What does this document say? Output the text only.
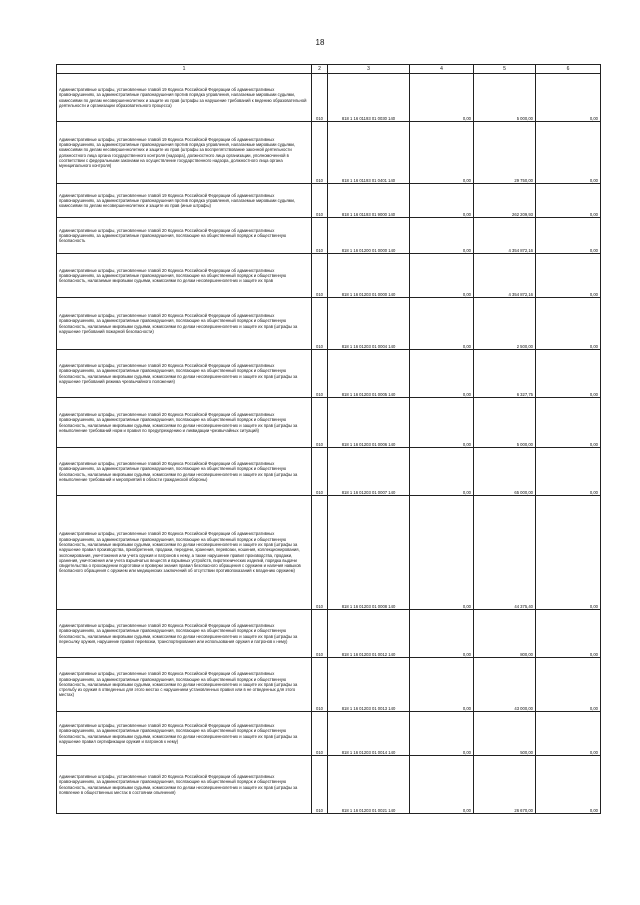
18
1	2	3	4	5	6
Административные штрафы, установленные главой 19 Кодекса Российской Федерации об административных правонарушениях, за административные правонарушения против порядка управления, налагаемые мировыми судьями, комиссиями по делам несовершеннолетних и защите их прав (штрафы за нарушение требований к ведению образовательной деятельности и организации образовательного процесса)	010	818 1 16 01193 01 0030 140	0,00	5 000,00	0,00
Административные штрафы, установленные главой 19 Кодекса Российской Федерации об административных правонарушениях, за административные правонарушения против порядка управления, налагаемые мировыми судьями, комиссиями по делам несовершеннолетних и защите их прав (штрафы за воспрепятствование законной деятельности должностного лица органа государственного контроля (надзора), должностного лица организации, уполномоченной в соответствии с федеральными законами на осуществление государственного надзора, должностного лица органа муниципального контроля)	010	818 1 16 01193 01 0401 140	0,00	29 750,00	0,00
Административные штрафы, установленные главой 19 Кодекса Российской Федерации об административных правонарушениях, за административные правонарушения против порядка управления, налагаемые мировыми судьями, комиссиями по делам несовершеннолетних и защите их прав (иные штрафы)	010	818 1 16 01193 01 9000 140	0,00	262 209,93	0,00
Административные штрафы, установленные главой 20 Кодекса Российской Федерации об административных правонарушениях, за административные правонарушения, посягающие на общественный порядок и общественную безопасность	010	818 1 16 01200 01 0000 140	0,00	4 354 872,16	0,00
Административные штрафы, установленные главой 20 Кодекса Российской Федерации об административных правонарушениях, за административные правонарушения, посягающие на общественный порядок и общественную безопасность, налагаемые мировыми судьями, комиссиями по делам несовершеннолетних и защите их прав	010	818 1 16 01203 01 0000 140	0,00	4 354 872,16	0,00
Административные штрафы, установленные главой 20 Кодекса Российской Федерации об административных правонарушениях, за административные правонарушения, посягающие на общественный порядок и общественную безопасность, налагаемые мировыми судьями, комиссиями по делам несовершеннолетних и защите их прав (штрафы за нарушение требований пожарной безопасности)	010	818 1 16 01203 01 0004 140	0,00	2 500,00	0,00
Административные штрафы, установленные главой 20 Кодекса Российской Федерации об административных правонарушениях, за административные правонарушения, посягающие на общественный порядок и общественную безопасность, налагаемые мировыми судьями, комиссиями по делам несовершеннолетних и защите их прав (штрафы за нарушение требований режима чрезвычайного положения)	010	818 1 16 01203 01 0005 140	0,00	6 327,75	0,00
Административные штрафы, установленные главой 20 Кодекса Российской Федерации об административных правонарушениях, за административные правонарушения, посягающие на общественный порядок и общественную безопасность, налагаемые мировыми судьями, комиссиями по делам несовершеннолетних и защите их прав (штрафы за невыполнение требований норм и правил по предупреждению и ликвидации чрезвычайных ситуаций)	010	818 1 16 01203 01 0006 140	0,00	5 000,00	0,00
Административные штрафы, установленные главой 20 Кодекса Российской Федерации об административных правонарушениях, за административные правонарушения, посягающие на общественный порядок и общественную безопасность, налагаемые мировыми судьями, комиссиями по делам несовершеннолетних и защите их прав (штрафы за невыполнение требований и мероприятий в области гражданской обороны)	010	818 1 16 01203 01 0007 140	0,00	65 000,00	0,00
Административные штрафы, установленные главой 20 Кодекса Российской Федерации об административных правонарушениях, за административные правонарушения, посягающие на общественный порядок и общественную безопасность, налагаемые мировыми судьями, комиссиями по делам несовершеннолетних и защите их прав (штрафы за нарушение правил производства, приобретения, продажи, передачи, хранения, перевозки, ношения, коллекционирования, экспонирования, уничтожения или учета оружия и патронов к нему, а также нарушение правил производства, продажи, хранения, уничтожения или учета взрывчатых веществ и взрывных устройств, пиротехнических изделий, порядка выдачи свидетельства о прохождении подготовки и проверки знания правил безопасного обращения с оружием и наличия навыков безопасного обращения с оружием или медицинских заключений об отсутствии противопоказаний к владению оружием)	010	818 1 16 01203 01 0008 140	0,00	44 375,40	0,00
Административные штрафы, установленные главой 20 Кодекса Российской Федерации об административных правонарушениях, за административные правонарушения, посягающие на общественный порядок и общественную безопасность, налагаемые мировыми судьями, комиссиями по делам несовершеннолетних и защите их прав (штрафы за пересылку оружия, нарушение правил перевозки, транспортирования или использования оружия и патронов к нему)	010	818 1 16 01203 01 0012 140	0,00	800,00	0,00
Административные штрафы, установленные главой 20 Кодекса Российской Федерации об административных правонарушениях, за административные правонарушения, посягающие на общественный порядок и общественную безопасность, налагаемые мировыми судьями, комиссиями по делам несовершеннолетних и защите их прав (штрафы за стрельбу из оружия в отведенных для этого местах с нарушением установленных правил или в не отведенных для этого местах)	010	818 1 16 01203 01 0013 140	0,00	43 000,00	0,00
Административные штрафы, установленные главой 20 Кодекса Российской Федерации об административных правонарушениях, за административные правонарушения, посягающие на общественный порядок и общественную безопасность, налагаемые мировыми судьями, комиссиями по делам несовершеннолетних и защите их прав (штрафы за нарушение правил сертификации оружия и патронов к нему)	010	818 1 16 01203 01 0014 140	0,00	500,00	0,00
Административные штрафы, установленные главой 20 Кодекса Российской Федерации об административных правонарушениях, за административные правонарушения, посягающие на общественный порядок и общественную безопасность, налагаемые мировыми судьями, комиссиями по делам несовершеннолетних и защите их прав (штрафы за появление в общественных местах в состоянии опьянения)	010	818 1 16 01203 01 0021 140	0,00	26 670,00	0,00
